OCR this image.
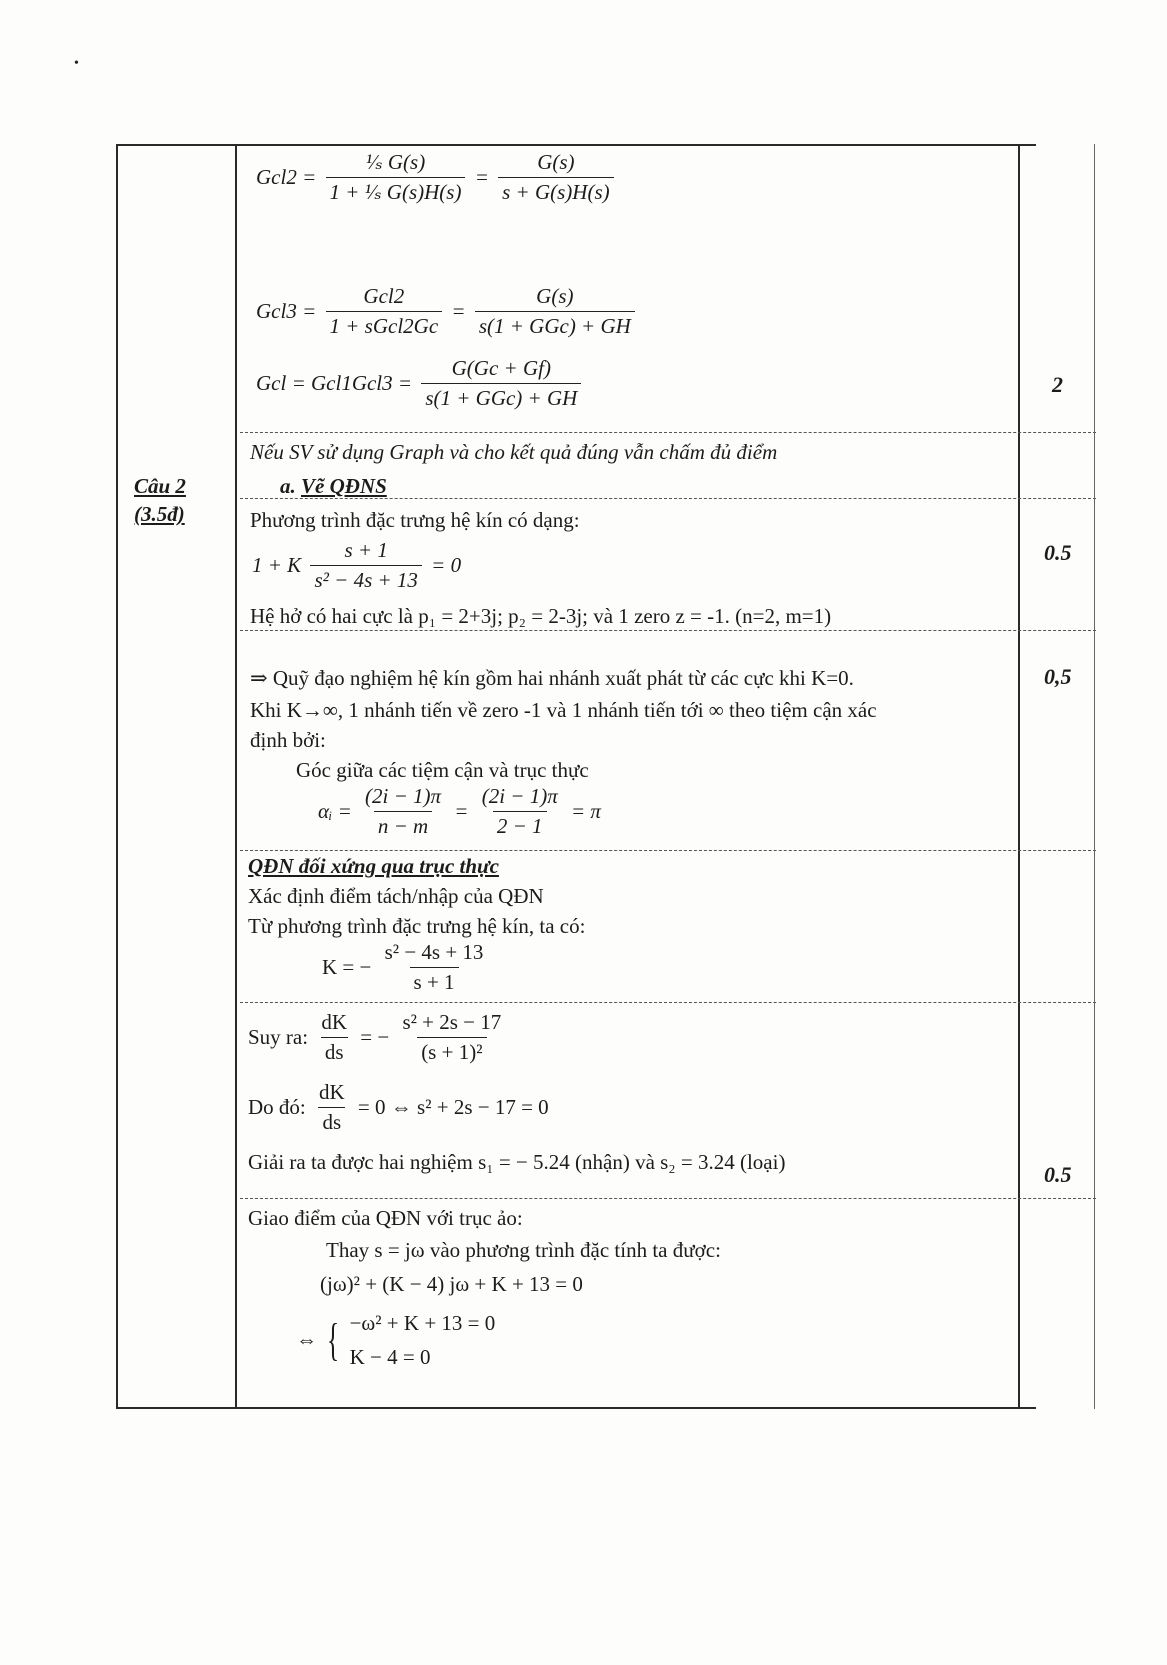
•
$Gcl2 = \frac{\text{¹⁄ₛ G(s)}}{\text{1 + ¹⁄ₛ G(s)H(s)}} = \frac{G(s)}{s + G(s)H(s)}$
$Gcl3 = \frac{\text{Gcl2}}{\text{1 + sGcl2Gc}} = \frac{G(s)}{\text{s(1 + GGc) + GH}}$
Gcl = $Gcl1Gcl3 = \frac{G(Gc + Gf)}{\text{s(1 + GGc) + GH}}$	2
Nếu SV sử dụng Graph và cho kết quả đúng vẫn chấm đủ điểm
Câu 2
(3.5đ)
a. Vẽ QĐNS
Phương trình đặc trưng hệ kín có dạng:
1 + K $\frac{s + 1}{\text{s² − 4s + 13}} = 0$
Hệ hở có hai cực là p₁ = 2+3j; p₂ = 2-3j; và 1 zero z = -1. (n=2, m=1)
0.5
⇒ Quỹ đạo nghiệm hệ kín gồm hai nhánh xuất phát từ các cực khi K=0.
Khi K→∞, 1 nhánh tiến về zero -1 và 1 nhánh tiến tới ∞ theo tiệm cận xác
định bởi:
Góc giữa các tiệm cận và trục thực
αᵢ = $\frac{(2i - 1)\pi}{n - m} = \frac{(2i - 1)\pi}{2 - 1} = \pi$
0,5
QĐN đối xứng qua trục thực
Xác định điểm tách/nhập của QĐN
Từ phương trình đặc trưng hệ kín, ta có:
K = − $\frac{\text{s² − 4s + 13}}{s + 1}$
Suy ra: $\frac{dK}{ds}$ = − $\frac{\text{s² + 2s − 17}}{\text{(s + 1)²}}$
Do đó: $\frac{dK}{ds} = 0$ ⇔ s² + 2s − 17 = 0
Giải ra ta được hai nghiệm s₁ = − 5.24 (nhận) và s₂ = 3.24 (loại)	0.5
Giao điểm của QĐN với trục ảo:
Thay s = jω vào phương trình đặc tính ta được:
(jω)² + (K − 4) jω + K + 13 = 0
⇔ { −ω² + K + 13 = 0
K − 4 = 0
